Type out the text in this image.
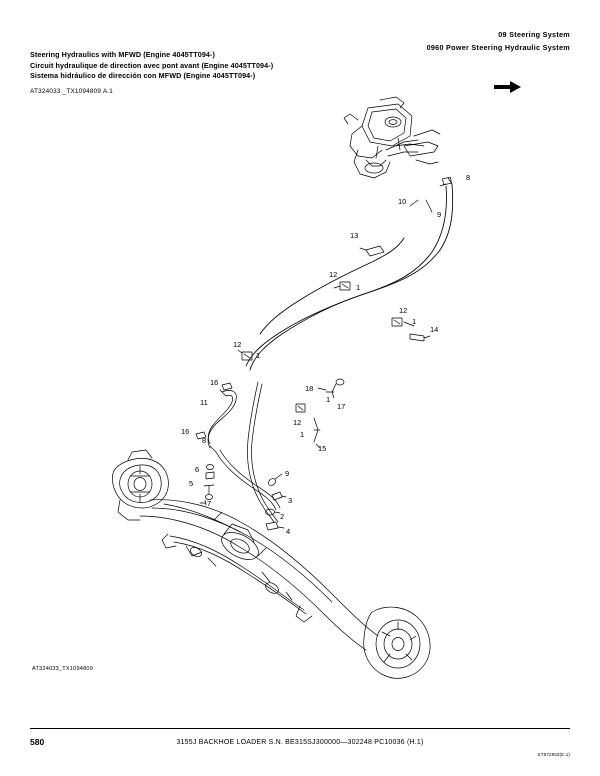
09 Steering System
0960 Power Steering Hydraulic System
Steering Hydraulics with MFWD (Engine 4045TT094-)
Circuit hydraulique de direction avec pont avant (Engine 4045TT094-)
Sistema hidráulico de dirección con MFWD (Engine 4045TT094-)
AT324033 _TX1094809 A.1
AT324033_TX1094809
8
10
9
13
12
1
12
1
14
12
1
16
18
11	1
17
12
16
8
1
15
6	9
5
7	3
2
4
580	3155J BACKHOE LOADER S.N. BE315SJ300000—302248 PC10036 (H.1)
ST572902(E.1)
